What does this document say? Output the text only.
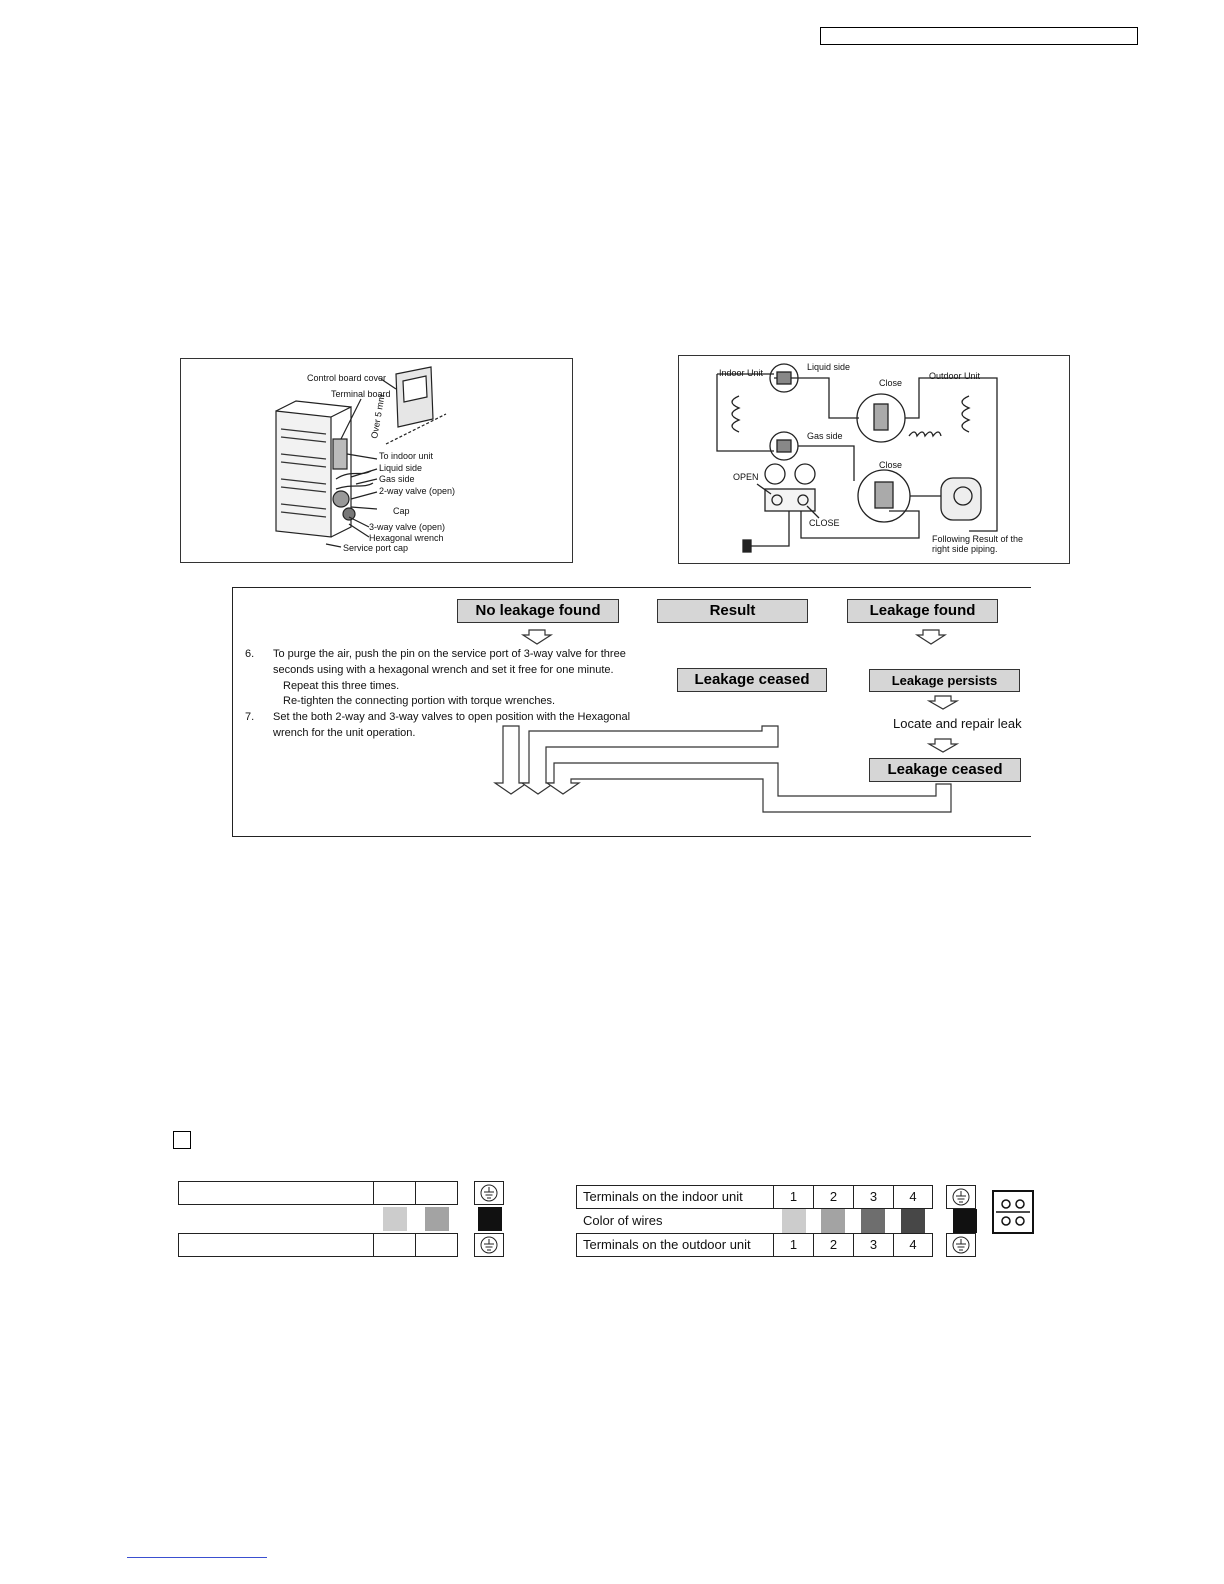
Control board cover
Terminal board
Over 5 mm
To indoor unit
Liquid side
Gas side
2-way valve (open)
Cap
3-way valve (open)
Hexagonal wrench
Service port cap
Indoor Unit
Liquid side
Outdoor Unit
Close
Gas side
Close
OPEN
CLOSE
Following Result of the right side piping.
No leakage found	Result	Leakage found
Leakage ceased	Leakage persists
Locate and repair leak
Leakage ceased
6. To purge the air, push the pin on the service port of 3-way valve for three
seconds using with a hexagonal wrench and set it free for one minute.
Repeat this three times.
Re-tighten the connecting portion with torque wrenches.
7. Set the both 2-way and 3-way valves to open position with the Hexagonal
wrench for the unit operation.
Terminals on the indoor unit	1	2	3	4
Color of wires
Terminals on the outdoor unit	1	2	3	4
